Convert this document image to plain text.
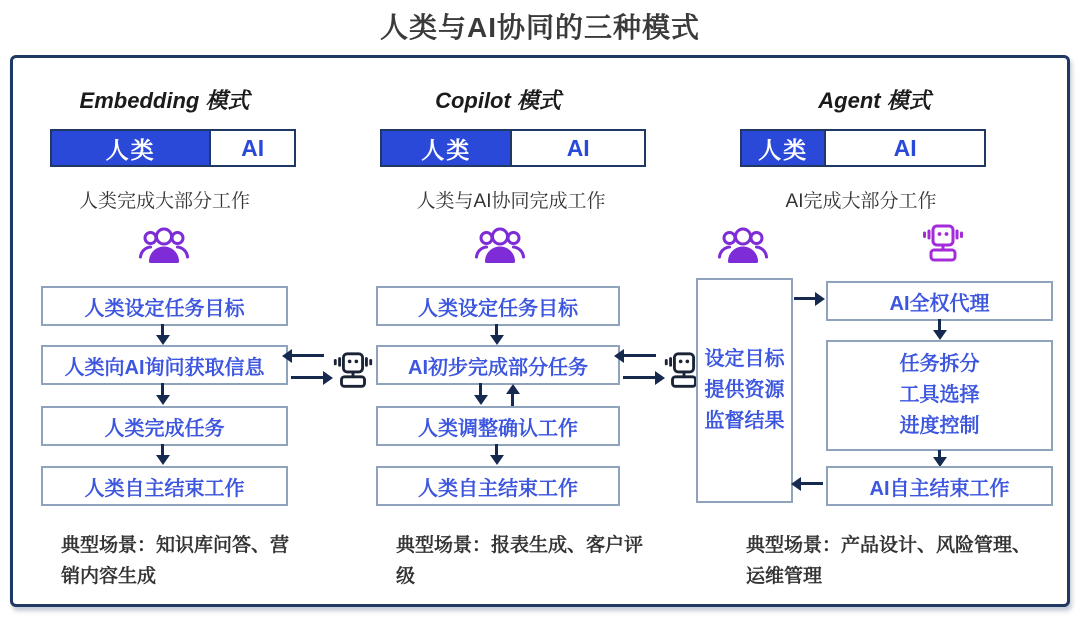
人类与AI协同的三种模式
Embedding 模式
人类	AI
人类完成大部分工作
人类设定任务目标
人类向AI询问获取信息
人类完成任务
人类自主结束工作
典型场景：知识库问答、营销内容生成
Copilot 模式
人类	AI
人类与AI协同完成工作
人类设定任务目标
AI初步完成部分任务
人类调整确认工作
人类自主结束工作
典型场景：报表生成、客户评级
Agent 模式
人类	AI
AI完成大部分工作
设定目标
提供资源
监督结果
AI全权代理
任务拆分
工具选择
进度控制
AI自主结束工作
典型场景：产品设计、风险管理、运维管理
